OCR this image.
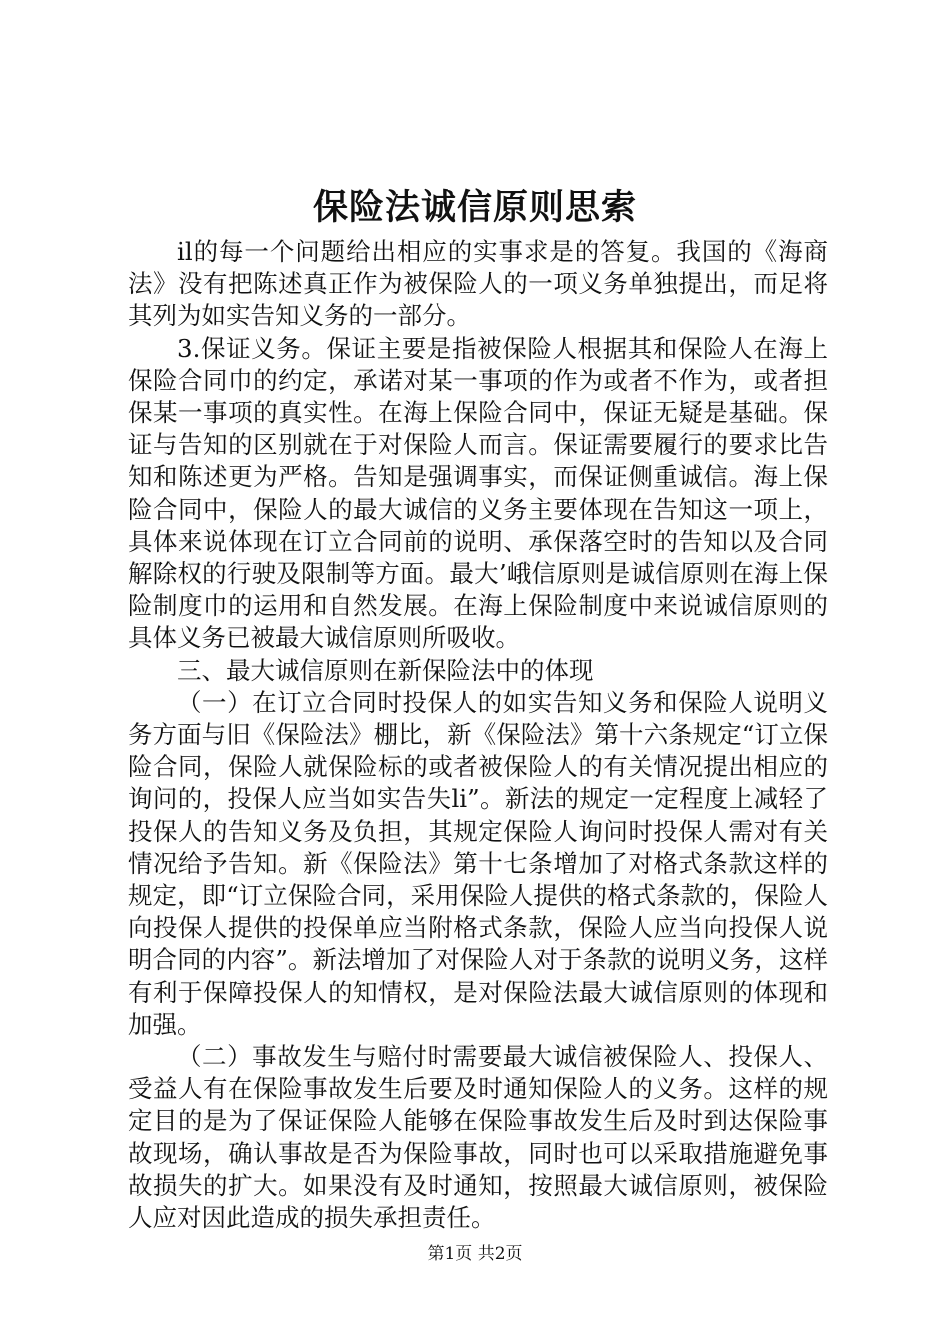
保险法诚信原则思索

il的每一个问题给出相应的实事求是的答复。我国的《海商法》没有把陈述真正作为被保险人的一项义务单独提出，而足将其列为如实告知义务的一部分。

3.保证义务。保证主要是指被保险人根据其和保险人在海上保险合同巾的约定，承诺对某一事项的作为或者不作为，或者担保某一事项的真实性。在海上保险合同中，保证无疑是基础。保证与告知的区别就在于对保险人而言。保证需要履行的要求比告知和陈述更为严格。告知是强调事实，而保证侧重诚信。海上保险合同中，保险人的最大诚信的义务主要体现在告知这一项上，具体来说体现在订立合同前的说明、承保落空时的告知以及合同解除权的行驶及限制等方面。最大’峨信原则是诚信原则在海上保险制度巾的运用和自然发展。在海上保险制度中来说诚信原则的具体义务已被最大诚信原则所吸收。

三、最大诚信原则在新保险法中的体现

（一）在订立合同时投保人的如实告知义务和保险人说明义务方面与旧《保险法》棚比，新《保险法》第十六条规定“订立保险合同，保险人就保险标的或者被保险人的有关情况提出相应的询问的，投保人应当如实告失li”。新法的规定一定程度上减轻了投保人的告知义务及负担，其规定保险人询问时投保人需对有关情况给予告知。新《保险法》第十七条增加了对格式条款这样的规定，即“订立保险合同，采用保险人提供的格式条款的，保险人向投保人提供的投保单应当附格式条款，保险人应当向投保人说明合同的内容”。新法增加了对保险人对于条款的说明义务，这样有利于保障投保人的知情权，是对保险法最大诚信原则的体现和加强。

（二）事故发生与赔付时需要最大诚信被保险人、投保人、受益人有在保险事故发生后要及时通知保险人的义务。这样的规定目的是为了保证保险人能够在保险事故发生后及时到达保险事故现场，确认事故是否为保险事故，同时也可以采取措施避免事故损失的扩大。如果没有及时通知，按照最大诚信原则，被保险人应对因此造成的损失承担责任。

第1页 共2页
